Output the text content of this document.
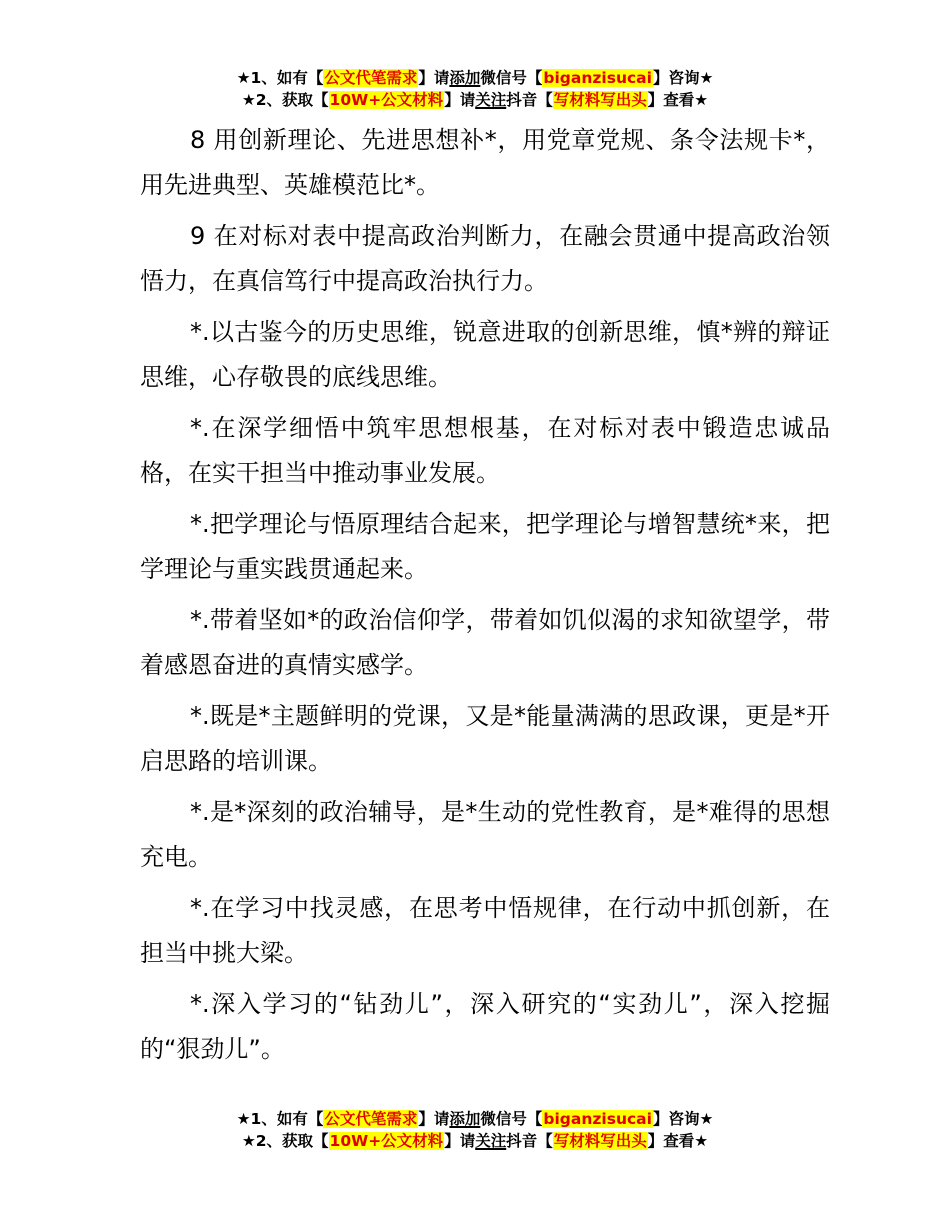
★1、如有【公文代笔需求】请添加微信号【biganzisucai】咨询★
★2、获取【10W+公文材料】请关注抖音【写材料写出头】查看★

8 用创新理论、先进思想补*，用党章党规、条令法规卡*，用先进典型、英雄模范比*。

9 在对标对表中提高政治判断力，在融会贯通中提高政治领悟力，在真信笃行中提高政治执行力。

*.以古鉴今的历史思维，锐意进取的创新思维，慎*辨的辩证思维，心存敬畏的底线思维。

*.在深学细悟中筑牢思想根基，在对标对表中锻造忠诚品格，在实干担当中推动事业发展。

*.把学理论与悟原理结合起来，把学理论与增智慧统*来，把学理论与重实践贯通起来。

*.带着坚如*的政治信仰学，带着如饥似渴的求知欲望学，带着感恩奋进的真情实感学。

*.既是*主题鲜明的党课，又是*能量满满的思政课，更是*开启思路的培训课。

*.是*深刻的政治辅导，是*生动的党性教育，是*难得的思想充电。

*.在学习中找灵感，在思考中悟规律，在行动中抓创新，在担当中挑大梁。

*.深入学习的“钻劲儿”，深入研究的“实劲儿”，深入挖掘的“狠劲儿”。

★1、如有【公文代笔需求】请添加微信号【biganzisucai】咨询★
★2、获取【10W+公文材料】请关注抖音【写材料写出头】查看★
